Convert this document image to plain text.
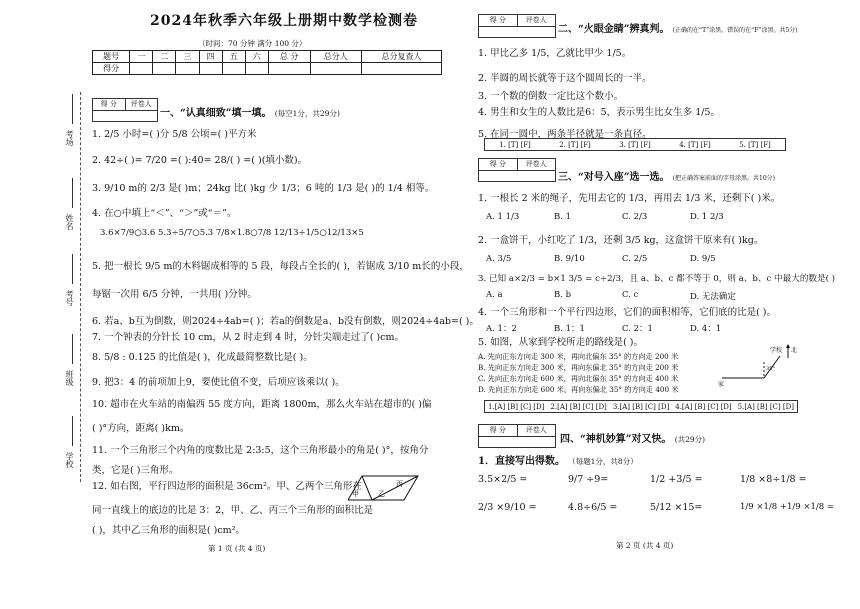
2024年秋季六年级上册期中数学检测卷
（时间：70 分钟 满分 100 分）
题号	一	二	三	四	五	六	总 分	总分人	总分复查人
得分									
考场
姓名
考号
班级
学校
得 分	评卷人
一、“认真细致”填一填。 (每空1分，共29分)
1. 2/5 小时=( )分 5/8 公顷=( )平方米
2. 42÷( )= 7/20 =( ):40= 28/( ) =( )(填小数)。
3. 9/10 m的 2/3 是( )m；24kg 比( )kg 少 1/3；6 吨的 1/3 是( )的 1/4 相等。
4. 在○中填上“＜”、“＞”或“＝”。
3.6×7/9○3.6 5.3÷5/7○5.3 7/8×1.8○7/8 12/13÷1/5○12/13×5
5. 把一根长 9/5 m的木料锯成相等的 5 段，每段占全长的( )，若锯成 3/10 m长的小段，
每锯一次用 6/5 分钟，一共用( )分钟。
6. 若a、b互为倒数，则2024÷4ab=( )；若a的倒数是a、b没有倒数，则2024÷4ab=( )。
7. 一个钟表的分针长 10 cm，从 2 时走到 4 时，分针尖端走过了( )cm。
8. 5/8 : 0.125 的比值是( )，化成最简整数比是( )。
9. 把3：4 的前项加上9，要使比值不变，后项应该乘以( )。
10. 超市在火车站的南偏西 55 度方向，距离 1800m，那么火车站在超市的( )偏
( )°方向，距离( )km。
11. 一个三角形三个内角的度数比是 2:3:5，这个三角形最小的角是( )°，按角分
类，它是( )三角形。
12. 如右图，平行四边形的面积是 36cm²。甲、乙两个三角形在
同一直线上的底边的比是 3：2，甲、乙、丙三个三角形的面积比是
( )，其中乙三角形的面积是( )cm²。
甲	乙
丙
第 1 页 (共 4 页)
得 分	评卷人
二、“火眼金睛”辨真判。 (正确的在“T”涂黑，错误的在“F”涂黑。共5分)
1. 甲比乙多 1/5，乙就比甲少 1/5。
2. 半圆的周长就等于这个圆周长的一半。
3. 一个数的倒数一定比这个数小。
4. 男生和女生的人数比是6：5，表示男生比女生多 1/5。
5. 在同一圆中，两条半径就是一条直径。
1. [T] [F]	2. [T] [F]	3. [T] [F]	4. [T] [F]	5. [T] [F]
得 分	评卷人
三、“对号入座”选一选。 (把正确答案前面的字母涂黑。共10分)
1. 一根长 2 米的绳子，先用去它的 1/3，再用去 1/3 米，还剩下( )米。
A. 1 1/3	B. 1	C. 2/3	D. 1 2/3
2. 一盒饼干，小红吃了 1/3，还剩 3/5 kg，这盒饼干原来有( )kg。
A. 3/5	B. 9/10	C. 2/5	D. 9/5
3. 已知 a×2/3 = b×1 3/5 = c÷2/3，且 a、b、c 都不等于 0，则 a、b、c 中最大的数是( )
A. a	B. b	C. c	D. 无法确定
4. 一个三角形和一个平行四边形，它们的面积相等，它们底的比是( )。
A. 1：2	B. 1：1	C. 2：1	D. 4：1
5. 如图，从家到学校所走的路线是( )。
A. 先向正东方向走 300 米，再向北偏东 35° 的方向走 200 米
B. 先向正东方向走 300 米，再向东偏北 35° 的方向走 200 米
C. 先向正东方向走 600 米，再向北偏东 35° 的方向走 400 米
D. 先向正东方向走 600 米，再向东偏北 35° 的方向走 400 米
家
学校 北
35°
1.[A] [B] [C] [D] 2.[A] [B] [C] [D] 3.[A] [B] [C] [D] 4.[A] [B] [C] [D] 5.[A] [B] [C] [D]
得 分	评卷人
四、“神机妙算”对又快。 (共29分)
1．直接写出得数。 （每题1分，共8分）
3.5×2/5 =	9/7 ÷9=	1/2 +3/5 =	1/8 ×8÷1/8 =
2/3 ×9/10 =	4.8÷6/5 =	5/12 ×15=	1/9 ×1/8 +1/9 ×1/8 =
第 2 页 (共 4 页)
